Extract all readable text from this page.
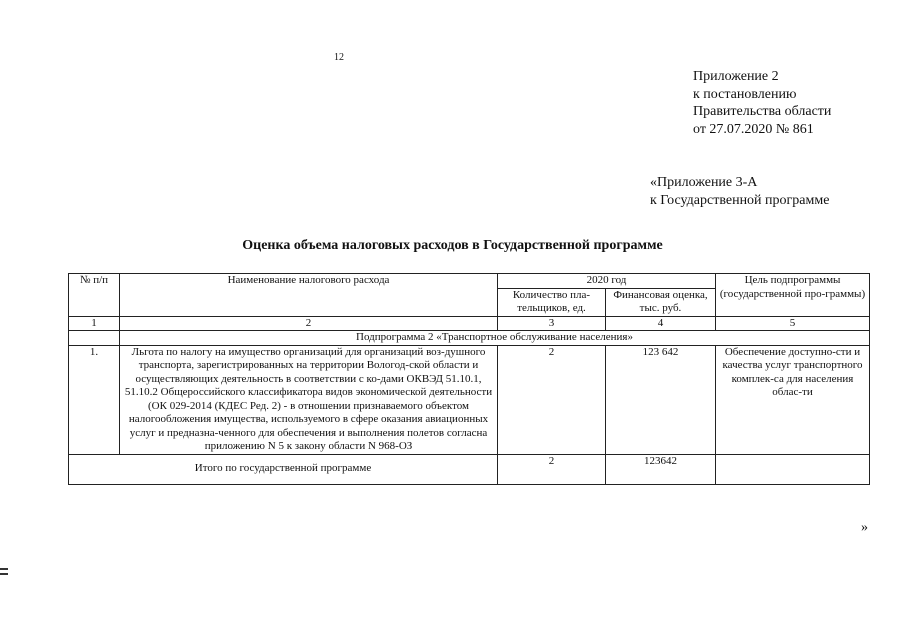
12
Приложение 2
к постановлению
Правительства области
от 27.07.2020 № 861
«Приложение 3-А
к Государственной программе
Оценка объема налоговых расходов в Государственной программе
№ п/п	Наименование налогового расхода	2020 год		Цель подпрограммы (государственной про-граммы)
		Количество пла-тельщиков, ед.	Финансовая оценка, тыс. руб.	
1	2	3	4	5
	Подпрограмма 2 «Транспортное обслуживание населения»			
1.	Льгота по налогу на имущество организаций для организаций воз-душного транспорта, зарегистрированных на территории Вологод-ской области и осуществляющих деятельность в соответствии с ко-дами ОКВЭД 51.10.1, 51.10.2 Общероссийского классификатора видов экономической деятельности (ОК 029-2014 (КДЕС Ред. 2) - в отношении признаваемого объектом налогообложения имущества, используемого в сфере оказания авиационных услуг и предназна-ченного для обеспечения и выполнения полетов согласна приложению N 5 к закону области N 968-ОЗ	2	123 642	Обеспечение доступно-сти и качества услуг транспортного комплек-са для населения облас-ти
Итого по государственной программе		2	123642	
»
